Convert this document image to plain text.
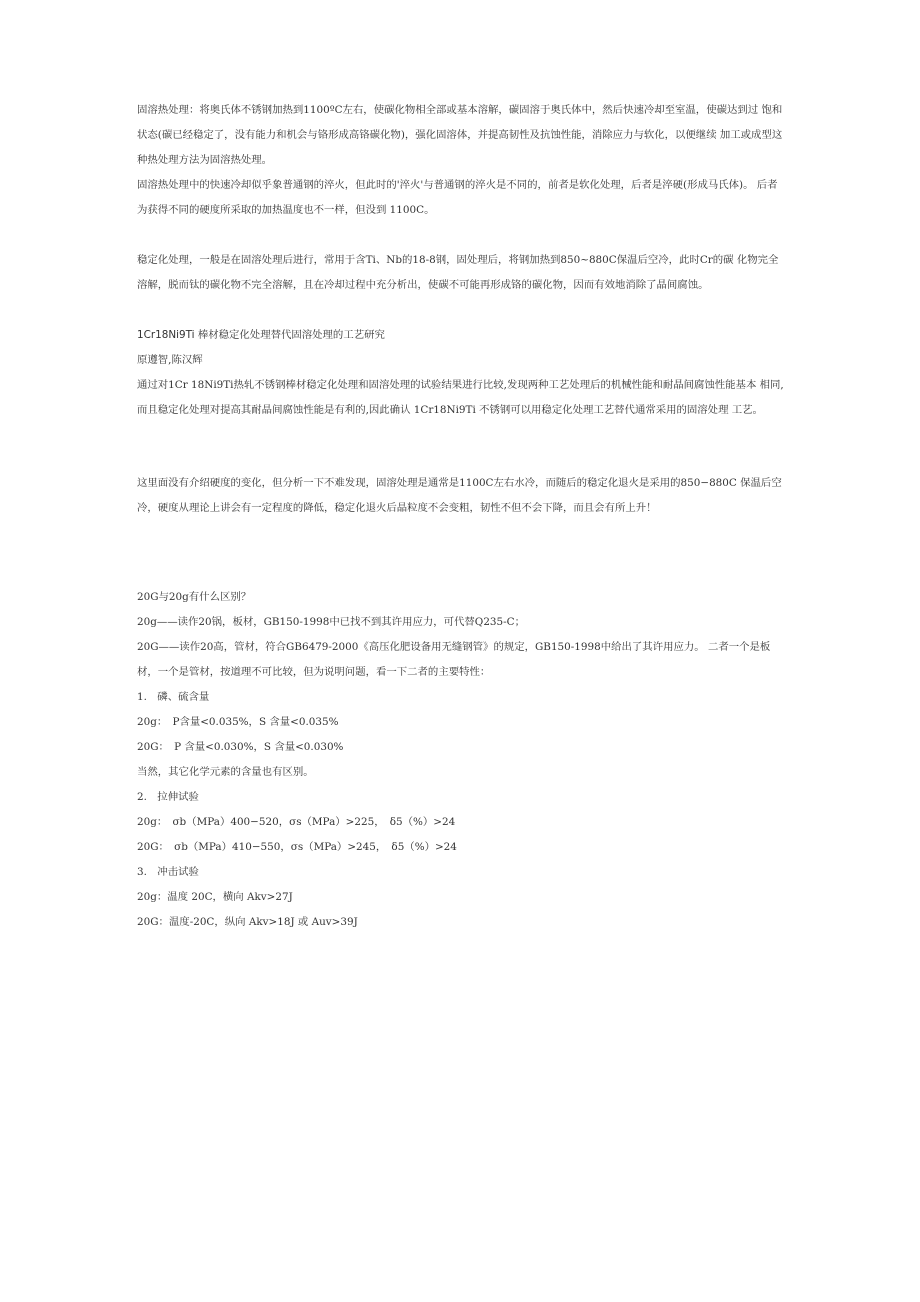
固溶热处理：将奥氏体不锈钢加热到1100ºC左右，使碳化物相全部或基本溶解，碳固溶于奥氏体中，然后快速冷却至室温，使碳达到过 饱和状态(碳已经稳定了，没有能力和机会与铬形成高铬碳化物)，强化固溶体，并提高韧性及抗蚀性能，消除应力与软化，以便继续 加工或成型这种热处理方法为固溶热处理。

固溶热处理中的快速冷却似乎象普通钢的淬火，但此时的'淬火'与普通钢的淬火是不同的，前者是软化处理，后者是淬硬(形成马氏体)。 后者为获得不同的硬度所采取的加热温度也不一样，但没到 1100C。

稳定化处理，一般是在固溶处理后进行，常用于含Ti、Nb的18-8钢，固处理后，将钢加热到850~880C保温后空冷，此时Cr的碳 化物完全溶解，脱而钛的碳化物不完全溶解，且在冷却过程中充分析出，使碳不可能再形成铬的碳化物，因而有效地消除了晶间腐蚀。

1Cr18Ni9Ti 棒材稳定化处理替代固溶处理的工艺研究

原遵智,陈汉辉

通过对1Cr 18Ni9Ti热轧不锈钢棒材稳定化处理和固溶处理的试验结果进行比较,发现两种工艺处理后的机械性能和耐晶间腐蚀性能基本 相同,而且稳定化处理对提高其耐晶间腐蚀性能是有利的,因此确认 1Cr18Ni9Ti 不锈钢可以用稳定化处理工艺替代通常采用的固溶处理 工艺。

这里面没有介绍硬度的变化，但分析一下不难发现，固溶处理是通常是1100C左右水冷，而随后的稳定化退火是采用的850−880C 保温后空冷，硬度从理论上讲会有一定程度的降低，稳定化退火后晶粒度不会变粗，韧性不但不会下降，而且会有所上升！

20G与20g有什么区别？

20g——读作20锅，板材，GB150-1998中已找不到其许用应力，可代替Q235-C；

20G——读作20高，管材，符合GB6479-2000《高压化肥设备用无缝钢管》的规定，GB150-1998中给出了其许用应力。 二者一个是板材，一个是管材，按道理不可比较，但为说明问题，看一下二者的主要特性：

1.　磷、硫含量

20g：　P含量<0.035%，S 含量<0.035%

20G：　P 含量<0.030%，S 含量<0.030%

当然，其它化学元素的含量也有区别。

2.　拉伸试验

20g：　σb（MPa）400−520，σs（MPa）>225，　δ5（%）>24

20G：　σb（MPa）410−550，σs（MPa）>245，　δ5（%）>24

3.　冲击试验

20g：温度 20C，横向 Akv>27J

20G：温度-20C，纵向 Akv>18J 或 Auv>39J
